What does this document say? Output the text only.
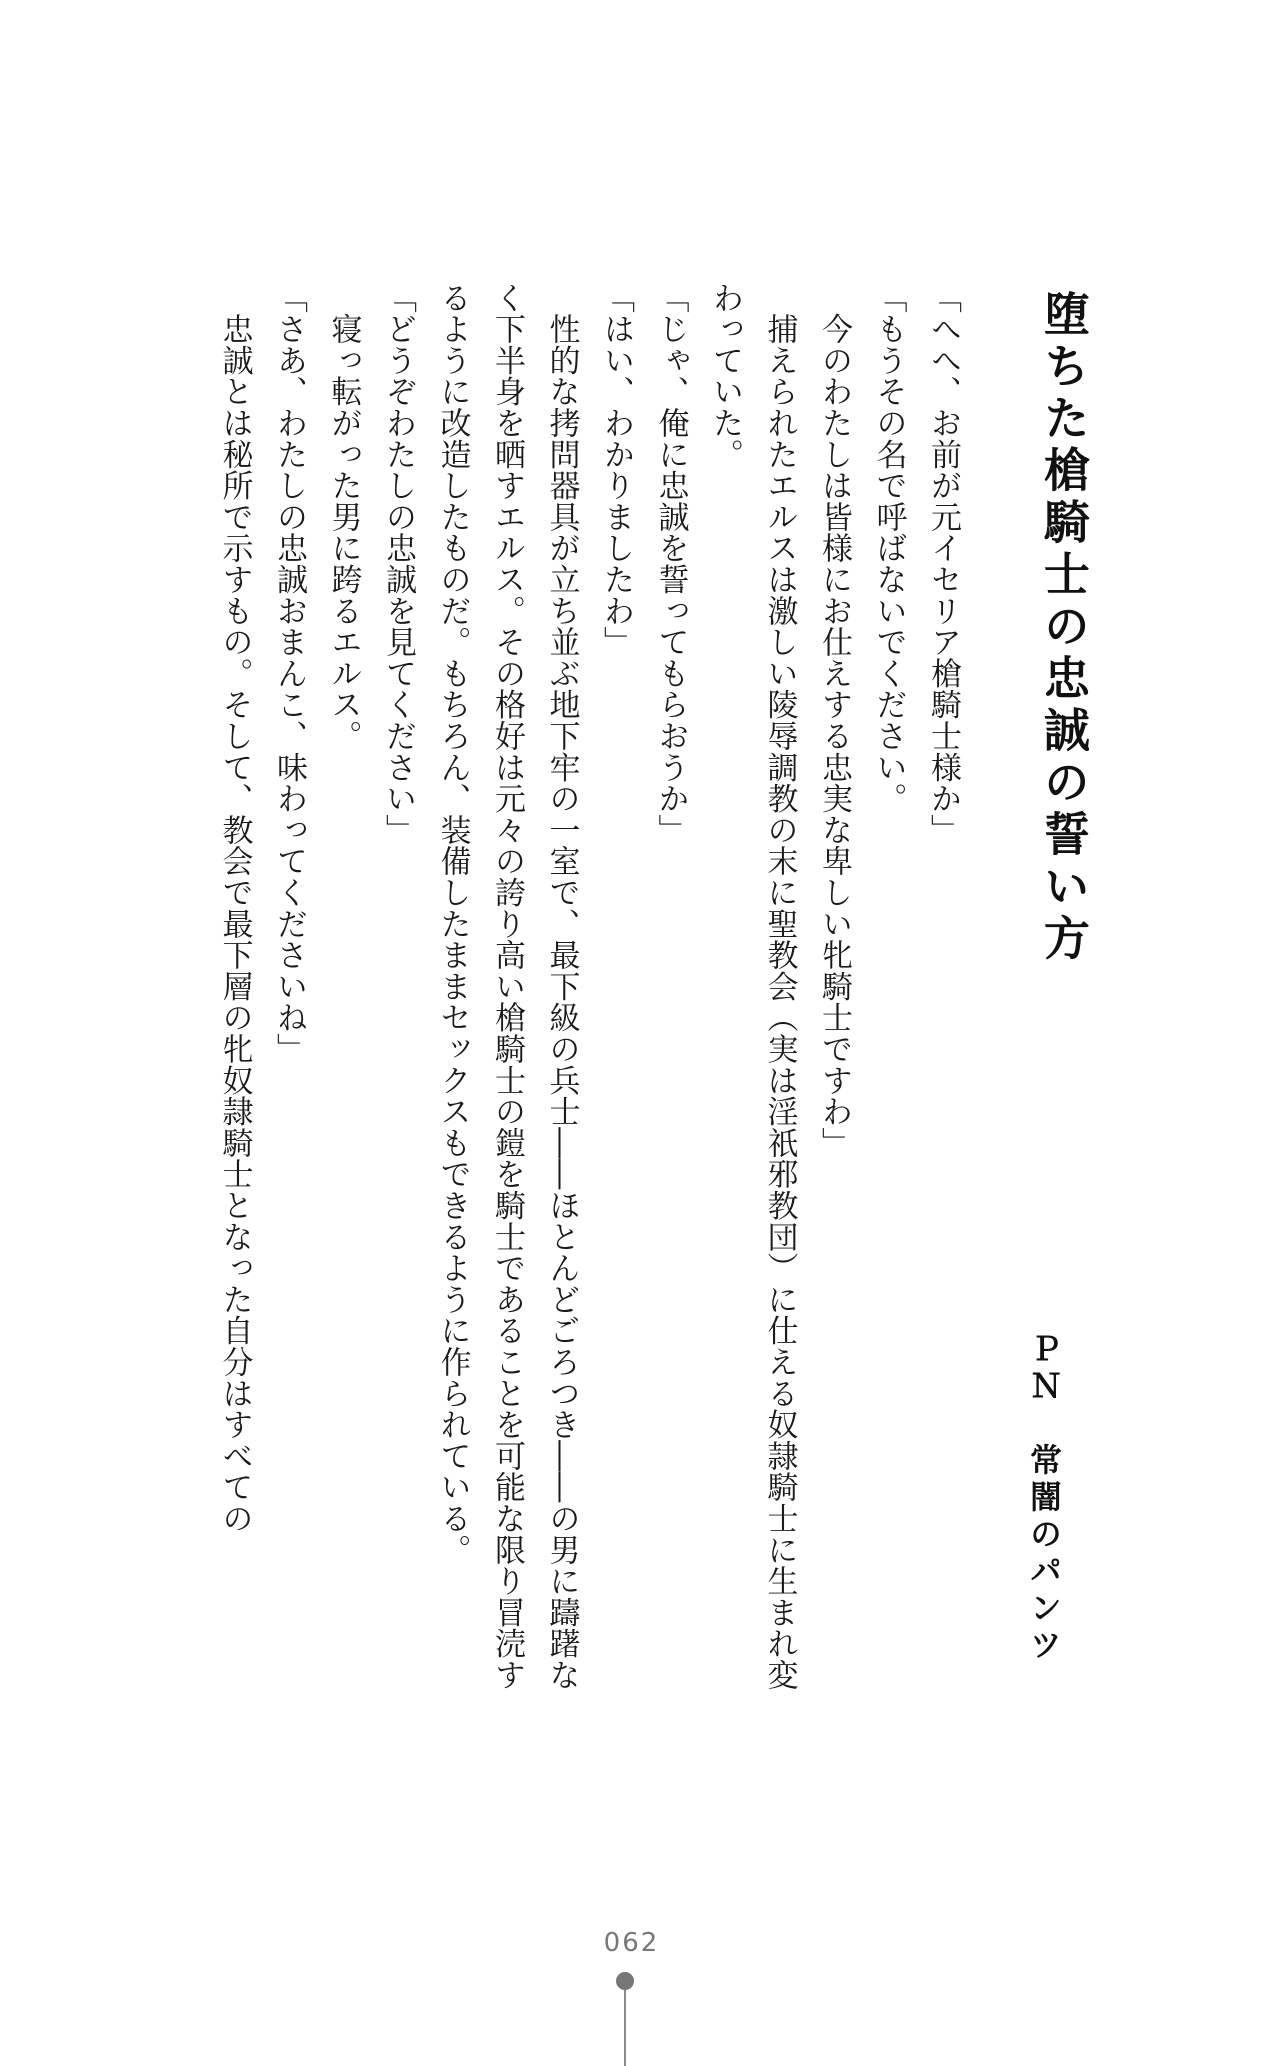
堕ちた槍騎士の忠誠の誓い方
ＰＮ　常闇のパンツ

「へへ、お前が元イセリア槍騎士様か」

「もうその名で呼ばないでください。

　今のわたしは皆様にお仕えする忠実な卑しい牝騎士ですわ」

　捕えられたエルスは激しい陵辱調教の末に聖教会（実は淫祇邪教団）に仕える奴隷騎士に生まれ変わっていた。

「じゃ、俺に忠誠を誓ってもらおうか」

「はい、わかりましたわ」

　性的な拷問器具が立ち並ぶ地下牢の一室で、最下級の兵士――ほとんどごろつき――の男に躊躇なく下半身を晒すエルス。その格好は元々の誇り高い槍騎士の鎧を騎士であることを可能な限り冒涜するように改造したものだ。もちろん、装備したままセックスもできるように作られている。

「どうぞわたしの忠誠を見てください」

　寝っ転がった男に跨るエルス。

「さあ、わたしの忠誠おまんこ、味わってくださいね」

　忠誠とは秘所で示すもの。そして、教会で最下層の牝奴隷騎士となった自分はすべての

062
